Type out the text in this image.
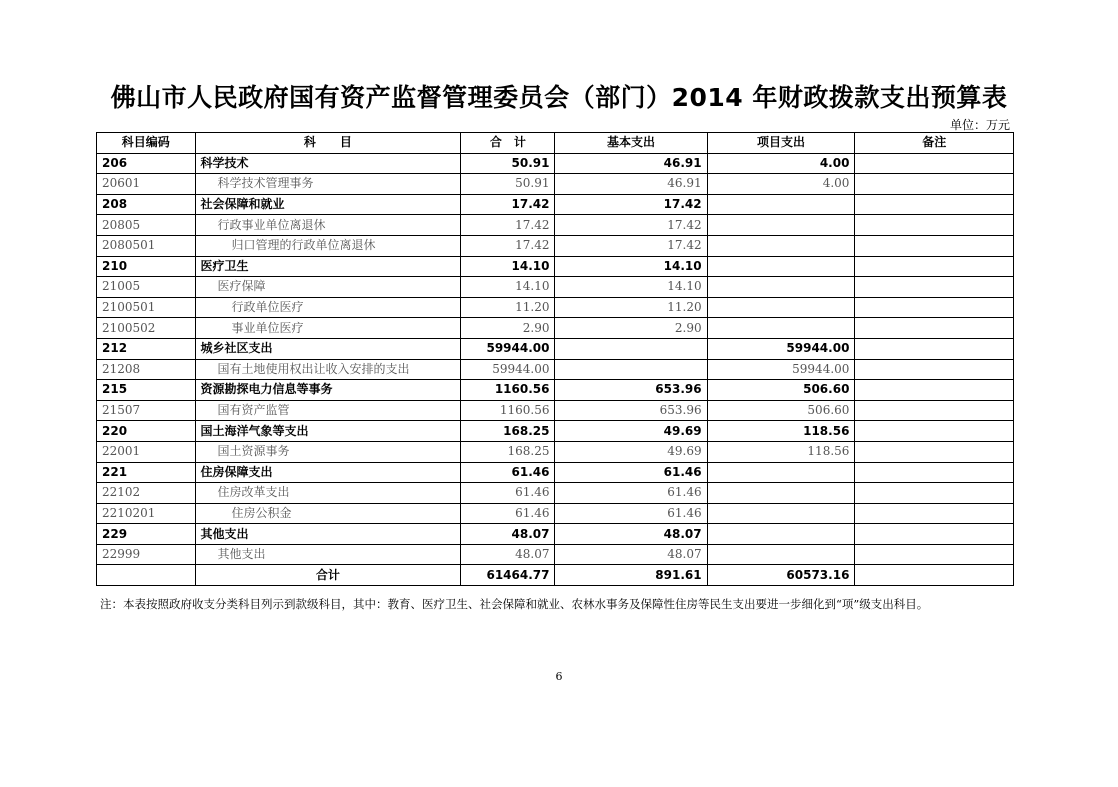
佛山市人民政府国有资产监督管理委员会（部门）2014 年财政拨款支出预算表
单位：万元
科目编码	科　　目	合　计	基本支出	项目支出	备注
206	科学技术	50.91	46.91	4.00	
20601	科学技术管理事务	50.91	46.91	4.00	
208	社会保障和就业	17.42	17.42		
20805	行政事业单位离退休	17.42	17.42		
2080501	归口管理的行政单位离退休	17.42	17.42		
210	医疗卫生	14.10	14.10		
21005	医疗保障	14.10	14.10		
2100501	行政单位医疗	11.20	11.20		
2100502	事业单位医疗	2.90	2.90		
212	城乡社区支出	59944.00		59944.00	
21208	国有土地使用权出让收入安排的支出	59944.00		59944.00	
215	资源勘探电力信息等事务	1160.56	653.96	506.60	
21507	国有资产监管	1160.56	653.96	506.60	
220	国土海洋气象等支出	168.25	49.69	118.56	
22001	国土资源事务	168.25	49.69	118.56	
221	住房保障支出	61.46	61.46		
22102	住房改革支出	61.46	61.46		
2210201	住房公积金	61.46	61.46		
229	其他支出	48.07	48.07		
22999	其他支出	48.07	48.07		
	合计	61464.77	891.61	60573.16	
注：本表按照政府收支分类科目列示到款级科目，其中：教育、医疗卫生、社会保障和就业、农林水事务及保障性住房等民生支出要进一步细化到“项”级支出科目。
6
